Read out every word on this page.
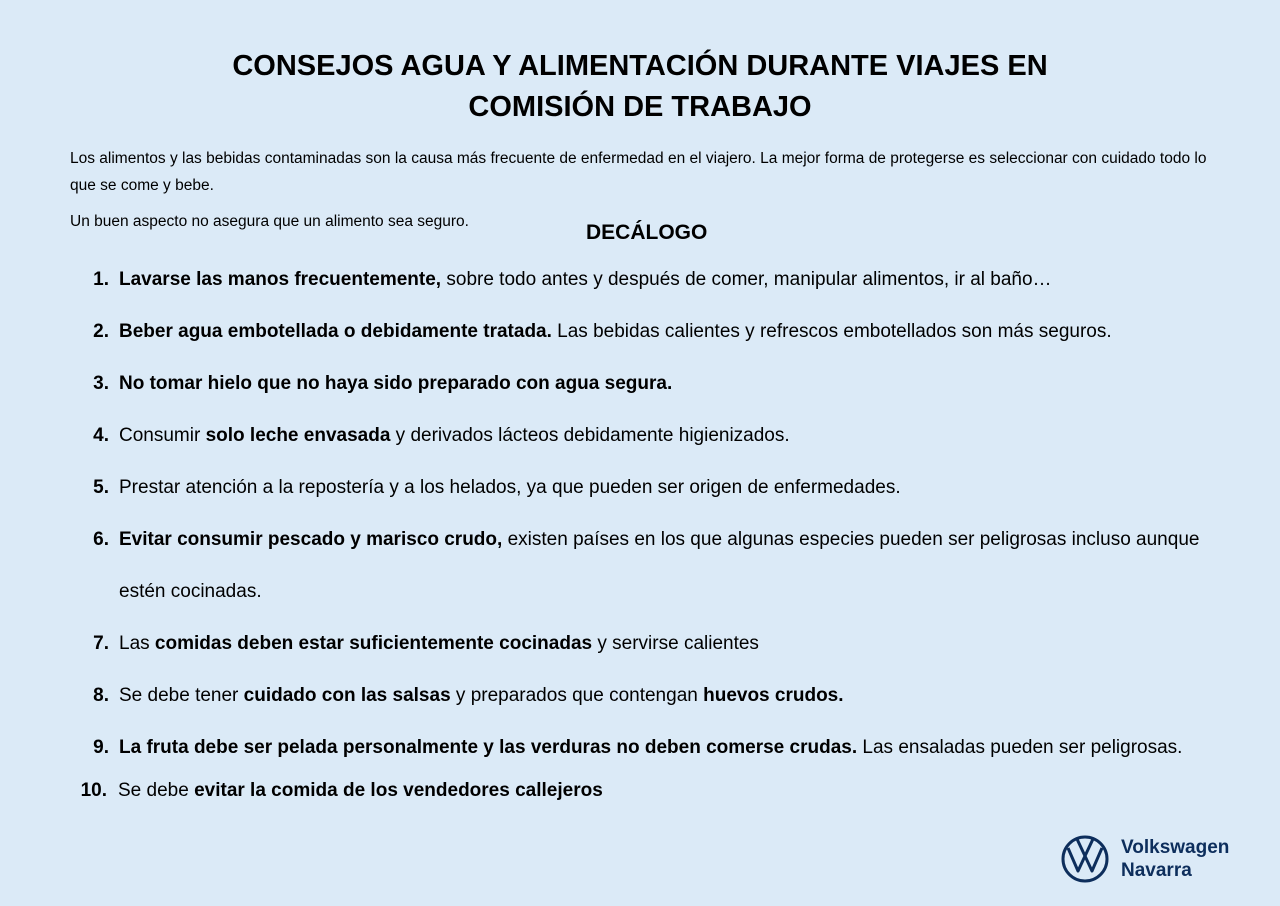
CONSEJOS AGUA Y ALIMENTACIÓN DURANTE VIAJES EN
COMISIÓN DE TRABAJO
Los alimentos y las bebidas contaminadas son la causa más frecuente de enfermedad en el viajero. La mejor forma de protegerse es seleccionar con cuidado todo lo que se come y bebe.
Un buen aspecto no asegura que un alimento sea seguro.	DECÁLOGO
1. Lavarse las manos frecuentemente, sobre todo antes y después de comer, manipular alimentos, ir al baño…
2. Beber agua embotellada o debidamente tratada. Las bebidas calientes y refrescos embotellados son más seguros.
3. No tomar hielo que no haya sido preparado con agua segura.
4. Consumir solo leche envasada y derivados lácteos debidamente higienizados.
5. Prestar atención a la repostería y a los helados, ya que pueden ser origen de enfermedades.
6. Evitar consumir pescado y marisco crudo, existen países en los que algunas especies pueden ser peligrosas incluso aunque estén cocinadas.
7. Las comidas deben estar suficientemente cocinadas y servirse calientes
8. Se debe tener cuidado con las salsas y preparados que contengan huevos crudos.
9. La fruta debe ser pelada personalmente y las verduras no deben comerse crudas. Las ensaladas pueden ser peligrosas.
10. Se debe evitar la comida de los vendedores callejeros
Volkswagen
Navarra
